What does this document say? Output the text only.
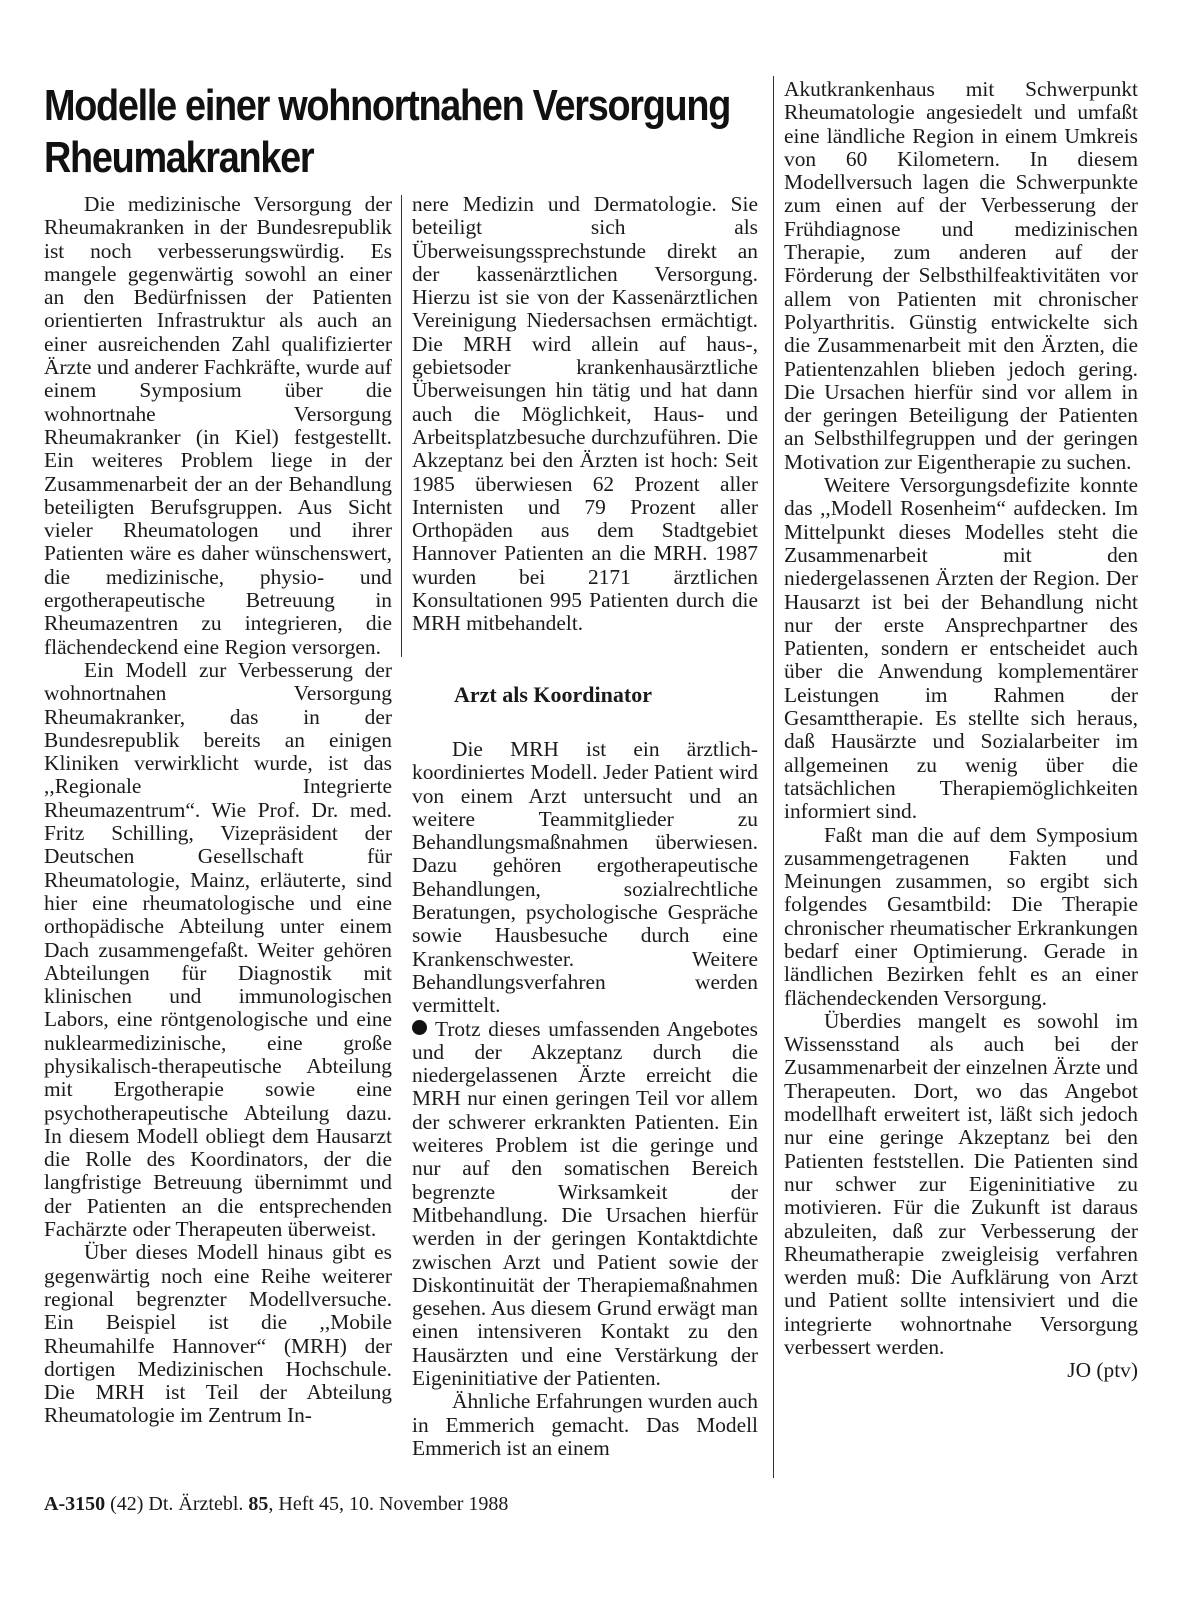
Modelle einer wohnortnahen Versorgung
Rheumakranker

Die medizinische Versorgung der Rheumakranken in der Bundesrepublik ist noch verbesserungswürdig. Es mangele gegenwärtig sowohl an einer an den Bedürfnissen der Patienten orientierten Infrastruktur als auch an einer ausreichenden Zahl qualifizierter Ärzte und anderer Fachkräfte, wurde auf einem Symposium über die wohnortnahe Versorgung Rheumakranker (in Kiel) festgestellt. Ein weiteres Problem liege in der Zusammenarbeit der an der Behandlung beteiligten Berufsgruppen. Aus Sicht vieler Rheumatologen und ihrer Patienten wäre es daher wünschenswert, die medizinische, physio- und ergotherapeutische Betreuung in Rheumazentren zu integrieren, die flächendeckend eine Region versorgen.

Ein Modell zur Verbesserung der wohnortnahen Versorgung Rheumakranker, das in der Bundesrepublik bereits an einigen Kliniken verwirklicht wurde, ist das ,,Regionale Integrierte Rheumazentrum“. Wie Prof. Dr. med. Fritz Schilling, Vizepräsident der Deutschen Gesellschaft für Rheumatologie, Mainz, erläuterte, sind hier eine rheumatologische und eine orthopädische Abteilung unter einem Dach zusammengefaßt. Weiter gehören Abteilungen für Diagnostik mit klinischen und immunologischen Labors, eine röntgenologische und eine nuklearmedizinische, eine große physikalisch-therapeutische Abteilung mit Ergotherapie sowie eine psychotherapeutische Abteilung dazu. In diesem Modell obliegt dem Hausarzt die Rolle des Koordinators, der die langfristige Betreuung übernimmt und der Patienten an die entsprechenden Fachärzte oder Therapeuten überweist.

Über dieses Modell hinaus gibt es gegenwärtig noch eine Reihe weiterer regional begrenzter Modellversuche. Ein Beispiel ist die ,,Mobile Rheumahilfe Hannover“ (MRH) der dortigen Medizinischen Hochschule. Die MRH ist Teil der Abteilung Rheumatologie im Zentrum In-

nere Medizin und Dermatologie. Sie beteiligt sich als Überweisungssprechstunde direkt an der kassenärztlichen Versorgung. Hierzu ist sie von der Kassenärztlichen Vereinigung Niedersachsen ermächtigt. Die MRH wird allein auf haus-, gebietsoder krankenhausärztliche Überweisungen hin tätig und hat dann auch die Möglichkeit, Haus- und Arbeitsplatzbesuche durchzuführen. Die Akzeptanz bei den Ärzten ist hoch: Seit 1985 überwiesen 62 Prozent aller Internisten und 79 Prozent aller Orthopäden aus dem Stadtgebiet Hannover Patienten an die MRH. 1987 wurden bei 2171 ärztlichen Konsultationen 995 Patienten durch die MRH mitbehandelt.

Arzt als Koordinator

Die MRH ist ein ärztlich-koordiniertes Modell. Jeder Patient wird von einem Arzt untersucht und an weitere Teammitglieder zu Behandlungsmaßnahmen überwiesen. Dazu gehören ergotherapeutische Behandlungen, sozialrechtliche Beratungen, psychologische Gespräche sowie Hausbesuche durch eine Krankenschwester. Weitere Behandlungsverfahren werden vermittelt.

Trotz dieses umfassenden Angebotes und der Akzeptanz durch die niedergelassenen Ärzte erreicht die MRH nur einen geringen Teil vor allem der schwerer erkrankten Patienten. Ein weiteres Problem ist die geringe und nur auf den somatischen Bereich begrenzte Wirksamkeit der Mitbehandlung. Die Ursachen hierfür werden in der geringen Kontaktdichte zwischen Arzt und Patient sowie der Diskontinuität der Therapiemaßnahmen gesehen. Aus diesem Grund erwägt man einen intensiveren Kontakt zu den Hausärzten und eine Verstärkung der Eigeninitiative der Patienten.

Ähnliche Erfahrungen wurden auch in Emmerich gemacht. Das Modell Emmerich ist an einem

Akutkrankenhaus mit Schwerpunkt Rheumatologie angesiedelt und umfaßt eine ländliche Region in einem Umkreis von 60 Kilometern. In diesem Modellversuch lagen die Schwerpunkte zum einen auf der Verbesserung der Frühdiagnose und medizinischen Therapie, zum anderen auf der Förderung der Selbsthilfeaktivitäten vor allem von Patienten mit chronischer Polyarthritis. Günstig entwickelte sich die Zusammenarbeit mit den Ärzten, die Patientenzahlen blieben jedoch gering. Die Ursachen hierfür sind vor allem in der geringen Beteiligung der Patienten an Selbsthilfegruppen und der geringen Motivation zur Eigentherapie zu suchen.

Weitere Versorgungsdefizite konnte das ,,Modell Rosenheim“ aufdecken. Im Mittelpunkt dieses Modelles steht die Zusammenarbeit mit den niedergelassenen Ärzten der Region. Der Hausarzt ist bei der Behandlung nicht nur der erste Ansprechpartner des Patienten, sondern er entscheidet auch über die Anwendung komplementärer Leistungen im Rahmen der Gesamttherapie. Es stellte sich heraus, daß Hausärzte und Sozialarbeiter im allgemeinen zu wenig über die tatsächlichen Therapiemöglichkeiten informiert sind.

Faßt man die auf dem Symposium zusammengetragenen Fakten und Meinungen zusammen, so ergibt sich folgendes Gesamtbild: Die Therapie chronischer rheumatischer Erkrankungen bedarf einer Optimierung. Gerade in ländlichen Bezirken fehlt es an einer flächendeckenden Versorgung.

Überdies mangelt es sowohl im Wissensstand als auch bei der Zusammenarbeit der einzelnen Ärzte und Therapeuten. Dort, wo das Angebot modellhaft erweitert ist, läßt sich jedoch nur eine geringe Akzeptanz bei den Patienten feststellen. Die Patienten sind nur schwer zur Eigeninitiative zu motivieren. Für die Zukunft ist daraus abzuleiten, daß zur Verbesserung der Rheumatherapie zweigleisig verfahren werden muß: Die Aufklärung von Arzt und Patient sollte intensiviert und die integrierte wohnortnahe Versorgung verbessert werden.

JO (ptv)
A-3150 (42) Dt. Ärztebl. 85, Heft 45, 10. November 1988
